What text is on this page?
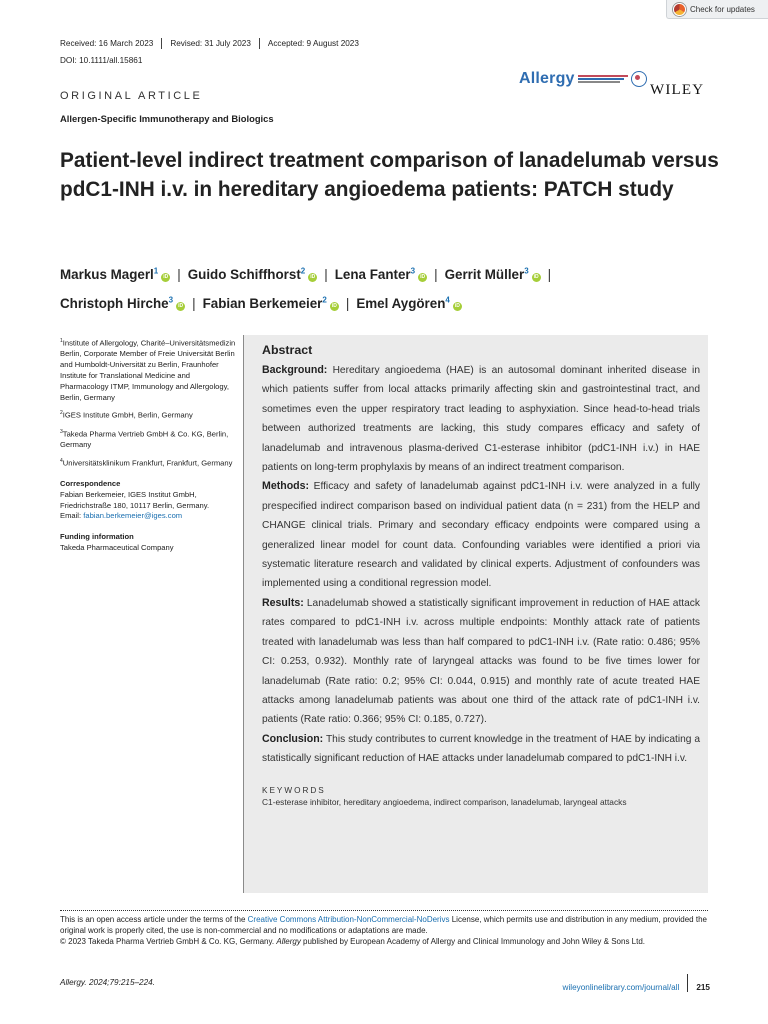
Check for updates
Received: 16 March 2023	Revised: 31 July 2023	Accepted: 9 August 2023
DOI: 10.1111/all.15861
Allergy
WILEY
ORIGINAL ARTICLE
Allergen-Specific Immunotherapy and Biologics
Patient-level indirect treatment comparison of lanadelumab versus pdC1-INH i.v. in hereditary angioedema patients: PATCH study
Markus Magerl$^1$iD | Guido Schiffhorst$^2$iD | Lena Fanter$^3$iD | Gerrit Müller$^3$iD |
Christoph Hirche$^3$iD | Fabian Berkemeier$^2$iD | Emel Aygören$^4$iD

$^1$Institute of Allergology, Charité–Universitätsmedizin Berlin, Corporate Member of Freie Universität Berlin and Humboldt-Universität zu Berlin, Fraunhofer Institute for Translational Medicine and Pharmacology ITMP, Immunology and Allergology, Berlin, Germany

$^2$IGES Institute GmbH, Berlin, Germany

$^3$Takeda Pharma Vertrieb GmbH & Co. KG, Berlin, Germany

$^4$Universitätsklinikum Frankfurt, Frankfurt, Germany

Correspondence
Fabian Berkemeier, IGES Institut GmbH, Friedrichstraße 180, 10117 Berlin, Germany.
Email: fabian.berkemeier@iges.com
Funding information
Takeda Pharmaceutical Company
Abstract

Background: Hereditary angioedema (HAE) is an autosomal dominant inherited disease in which patients suffer from local attacks primarily affecting skin and gastrointestinal tract, and sometimes even the upper respiratory tract leading to asphyxiation. Since head-to-head trials between authorized treatments are lacking, this study compares efficacy and safety of lanadelumab and intravenous plasma-derived C1-esterase inhibitor (pdC1-INH i.v.) in HAE patients on long-term prophylaxis by means of an indirect treatment comparison.

Methods: Efficacy and safety of lanadelumab against pdC1-INH i.v. were analyzed in a fully prespecified indirect comparison based on individual patient data (n = 231) from the HELP and CHANGE clinical trials. Primary and secondary efficacy endpoints were compared using a generalized linear model for count data. Confounding variables were identified a priori via systematic literature research and validated by clinical experts. Adjustment of confounders was implemented using a conditional regression model.

Results: Lanadelumab showed a statistically significant improvement in reduction of HAE attack rates compared to pdC1-INH i.v. across multiple endpoints: Monthly attack rate of patients treated with lanadelumab was less than half compared to pdC1-INH i.v. (Rate ratio: 0.486; 95% CI: 0.253, 0.932). Monthly rate of laryngeal attacks was found to be five times lower for lanadelumab (Rate ratio: 0.2; 95% CI: 0.044, 0.915) and monthly rate of acute treated HAE attacks among lanadelumab patients was about one third of the attack rate of pdC1-INH i.v. patients (Rate ratio: 0.366; 95% CI: 0.185, 0.727).

Conclusion: This study contributes to current knowledge in the treatment of HAE by indicating a statistically significant reduction of HAE attacks under lanadelumab compared to pdC1-INH i.v.

KEYWORDS
C1-esterase inhibitor, hereditary angioedema, indirect comparison, lanadelumab, laryngeal attacks
This is an open access article under the terms of the Creative Commons Attribution-NonCommercial-NoDerivs License, which permits use and distribution in any medium, provided the original work is properly cited, the use is non-commercial and no modifications or adaptations are made.
© 2023 Takeda Pharma Vertrieb GmbH & Co. KG, Germany. Allergy published by European Academy of Allergy and Clinical Immunology and John Wiley & Sons Ltd.
Allergy. 2024;79:215–224.	wileyonlinelibrary.com/journal/all	215
